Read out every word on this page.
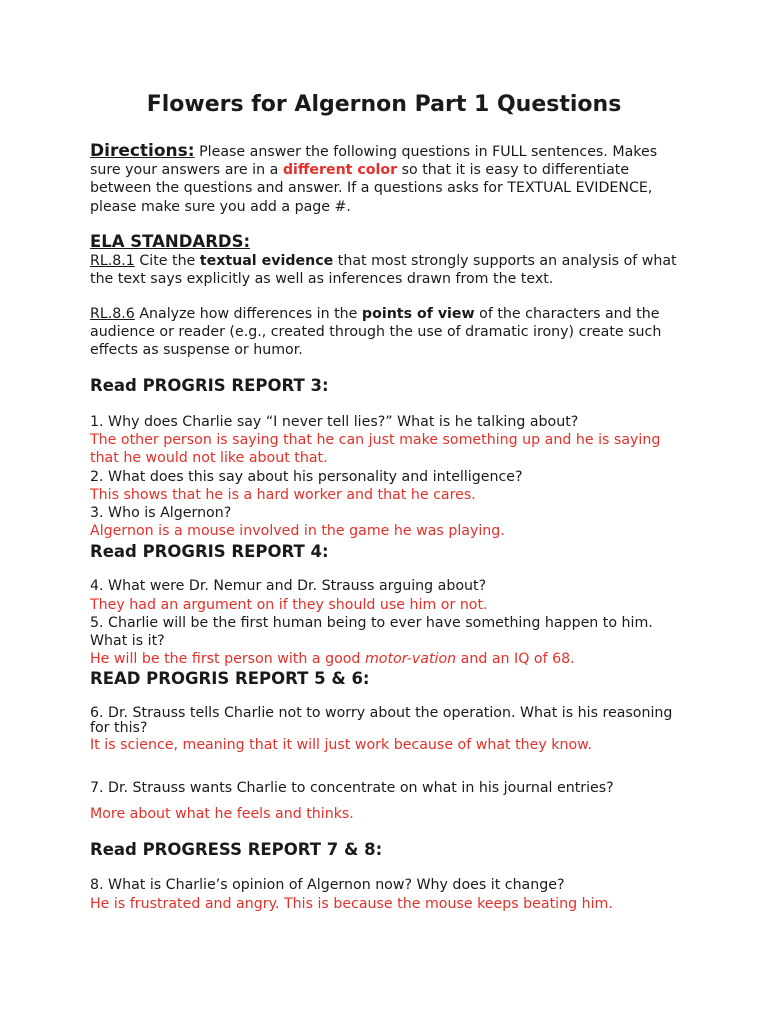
Flowers for Algernon Part 1 Questions

Directions: Please answer the following questions in FULL sentences. Makes sure your answers are in a different color so that it is easy to differentiate between the questions and answer. If a questions asks for TEXTUAL EVIDENCE, please make sure you add a page #.

ELA STANDARDS:

RL.8.1 Cite the textual evidence that most strongly supports an analysis of what the text says explicitly as well as inferences drawn from the text.

RL.8.6 Analyze how differences in the points of view of the characters and the audience or reader (e.g., created through the use of dramatic irony) create such effects as suspense or humor.

Read PROGRIS REPORT 3:

1. Why does Charlie say “I never tell lies?” What is he talking about?

The other person is saying that he can just make something up and he is saying that he would not like about that.

2. What does this say about his personality and intelligence?

This shows that he is a hard worker and that he cares.

3. Who is Algernon?

Algernon is a mouse involved in the game he was playing.

Read PROGRIS REPORT 4:

4. What were Dr. Nemur and Dr. Strauss arguing about?

They had an argument on if they should use him or not.

5. Charlie will be the first human being to ever have something happen to him. What is it?

He will be the first person with a good motor-vation and an IQ of 68.

READ PROGRIS REPORT 5 & 6:

6. Dr. Strauss tells Charlie not to worry about the operation. What is his reasoning for this?

It is science, meaning that it will just work because of what they know.

7. Dr. Strauss wants Charlie to concentrate on what in his journal entries?

More about what he feels and thinks.

Read PROGRESS REPORT 7 & 8:

8. What is Charlie’s opinion of Algernon now? Why does it change?

He is frustrated and angry. This is because the mouse keeps beating him.
